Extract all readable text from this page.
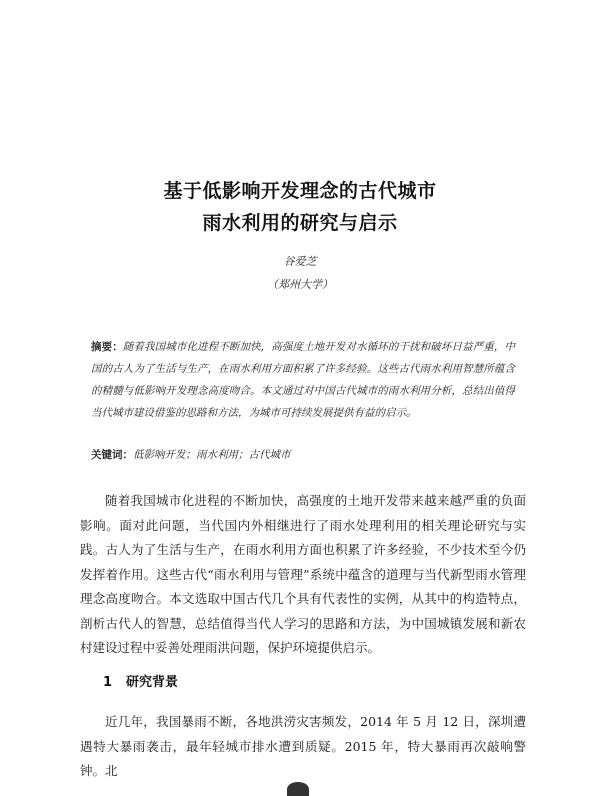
基于低影响开发理念的古代城市
雨水利用的研究与启示
谷爱芝
（郑州大学）
摘要：随着我国城市化进程不断加快，高强度土地开发对水循环的干扰和破坏日益严重，中国的古人为了生活与生产，在雨水利用方面积累了许多经验。这些古代雨水利用智慧所蕴含的精髓与低影响开发理念高度吻合。本文通过对中国古代城市的雨水利用分析，总结出值得当代城市建设借鉴的思路和方法，为城市可持续发展提供有益的启示。
关键词：低影响开发；雨水利用；古代城市
随着我国城市化进程的不断加快，高强度的土地开发带来越来越严重的负面影响。面对此问题，当代国内外相继进行了雨水处理利用的相关理论研究与实践。古人为了生活与生产，在雨水利用方面也积累了许多经验，不少技术至今仍发挥着作用。这些古代“雨水利用与管理”系统中蕴含的道理与当代新型雨水管理理念高度吻合。本文选取中国古代几个具有代表性的实例，从其中的构造特点，剖析古代人的智慧，总结值得当代人学习的思路和方法，为中国城镇发展和新农村建设过程中妥善处理雨洪问题，保护环境提供启示。
1 研究背景
近几年，我国暴雨不断，各地洪涝灾害频发，2014 年 5 月 12 日，深圳遭遇特大暴雨袭击，最年轻城市排水遭到质疑。2015 年，特大暴雨再次敲响警钟。北
